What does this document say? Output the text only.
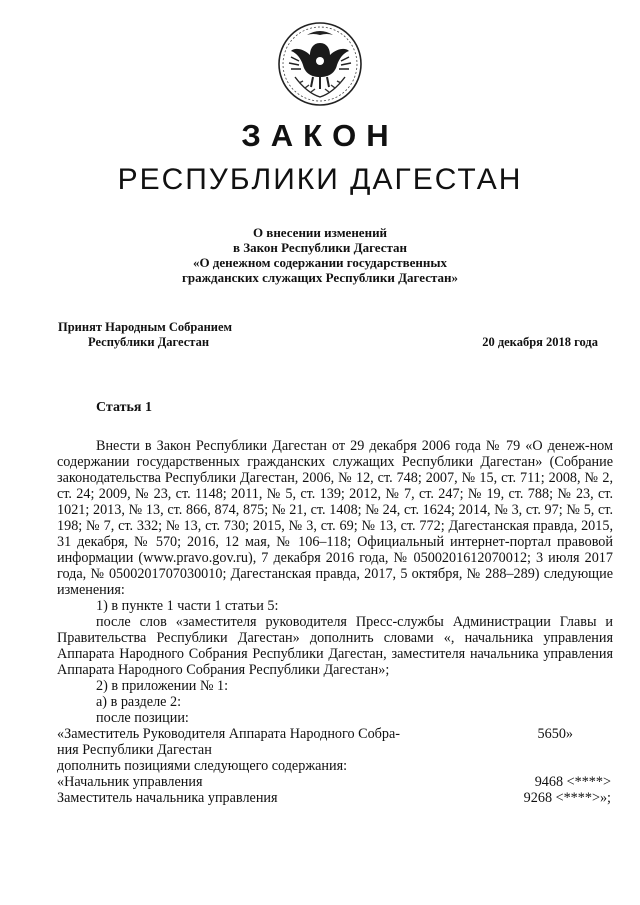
ЗАКОН
РЕСПУБЛИКИ ДАГЕСТАН
О внесении изменений
в Закон Республики Дагестан
«О денежном содержании государственных
гражданских служащих Республики Дагестан»
Принят Народным Собранием
Республики Дагестан	20 декабря 2018 года
Статья 1
Внести в Закон Республики Дагестан от 29 декабря 2006 года № 79 «О денеж-ном содержании государственных гражданских служащих Республики Дагестан» (Собрание законодательства Республики Дагестан, 2006, № 12, ст. 748; 2007, № 15, ст. 711; 2008, № 2, ст. 24; 2009, № 23, ст. 1148; 2011, № 5, ст. 139; 2012, № 7, ст. 247; № 19, ст. 788; № 23, ст. 1021; 2013, № 13, ст. 866, 874, 875; № 21, ст. 1408; № 24, ст. 1624; 2014, № 3, ст. 97; № 5, ст. 198; № 7, ст. 332; № 13, ст. 730; 2015, № 3, ст. 69; № 13, ст. 772; Дагестанская правда, 2015, 31 декабря, № 570; 2016, 12 мая, № 106–118; Официальный интернет-портал правовой информации (www.pravo.gov.ru), 7 декабря 2016 года, № 0500201612070012; 3 июля 2017 года, № 0500201707030010; Дагестанская правда, 2017, 5 октября, № 288–289) следующие изменения:
1) в пункте 1 части 1 статьи 5:
после слов «заместителя руководителя Пресс-службы Администрации Главы и Правительства Республики Дагестан» дополнить словами «, начальника управления Аппарата Народного Собрания Республики Дагестан, заместителя начальника управления Аппарата Народного Собрания Республики Дагестан»;
2) в приложении № 1:
а) в разделе 2:
после позиции:
«Заместитель Руководителя Аппарата Народного Собра-	5650»
ния Республики Дагестан
дополнить позициями следующего содержания:
«Начальник управления	9468 <****>
Заместитель начальника управления	9268 <****>»;
